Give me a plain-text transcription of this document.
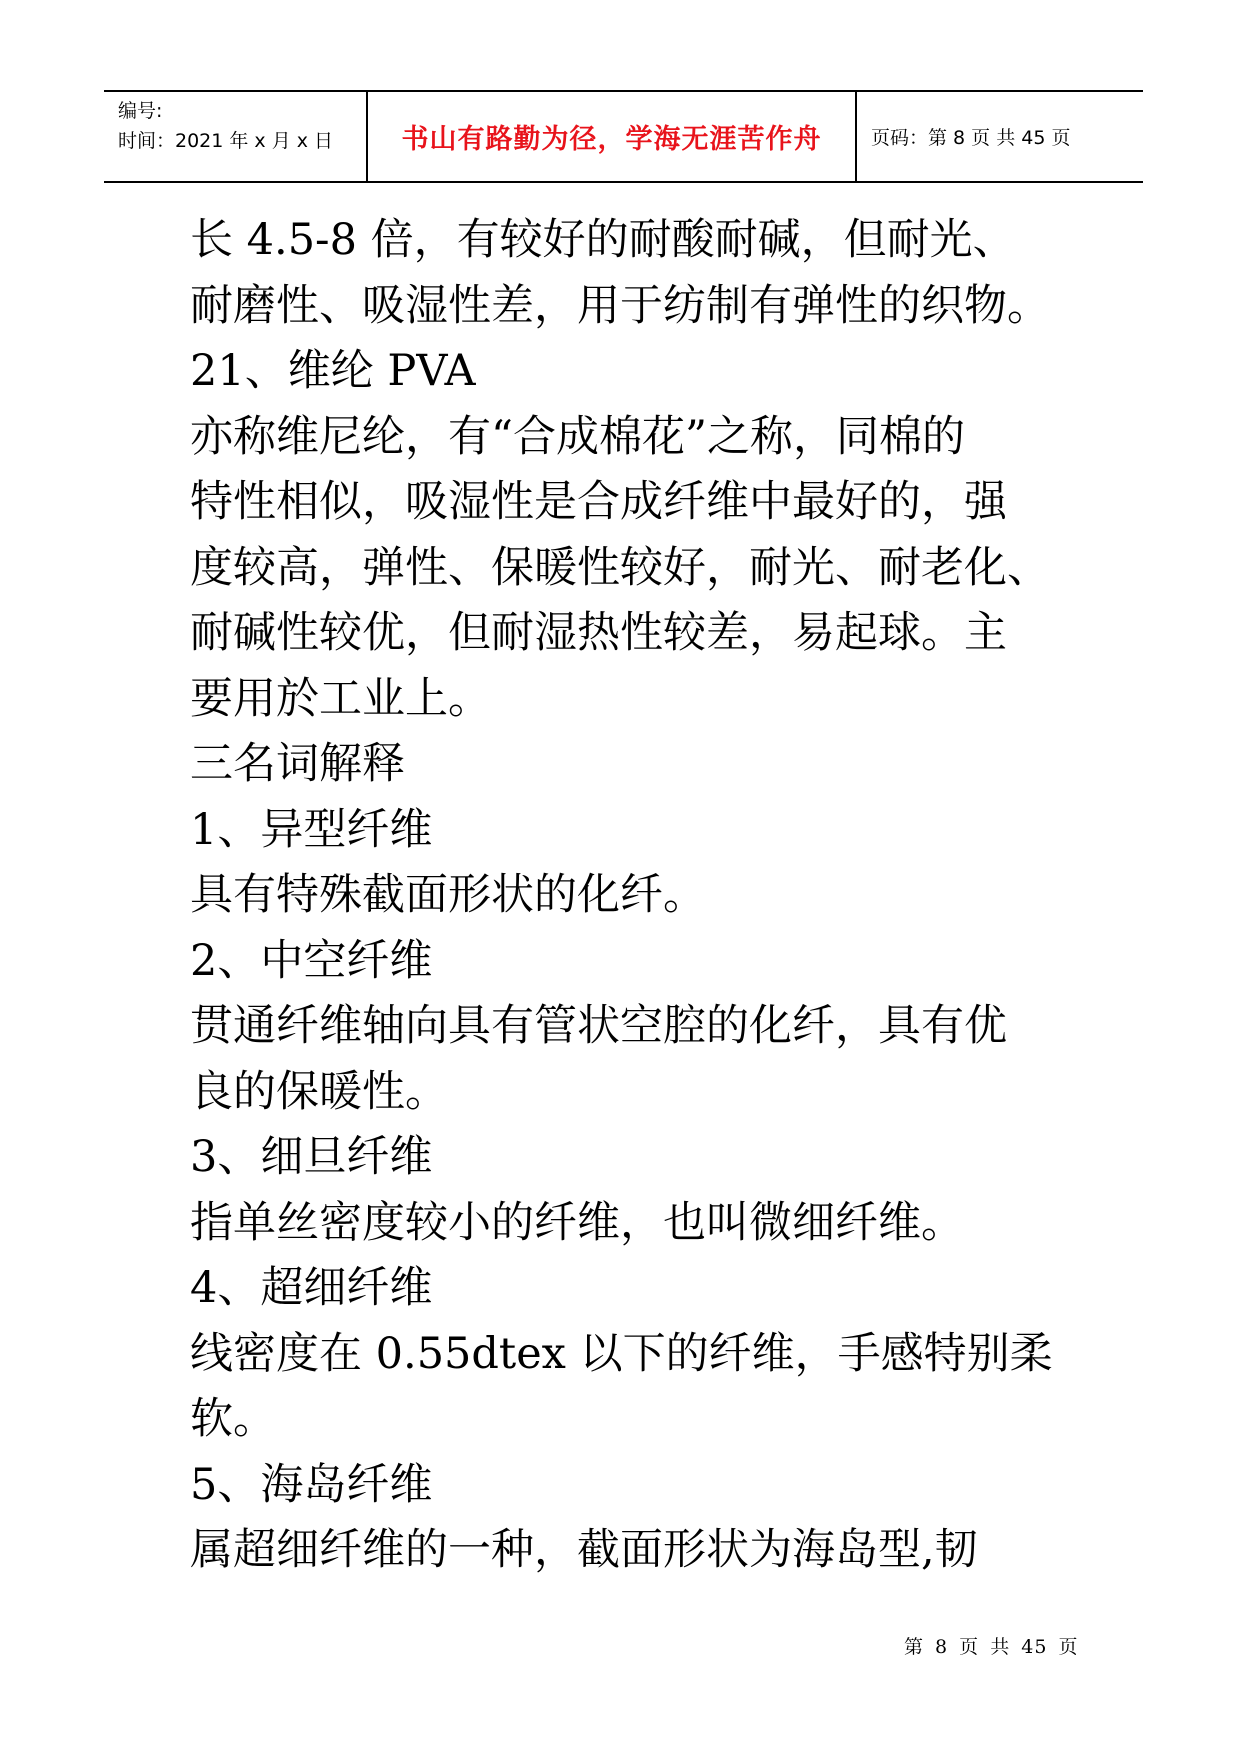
编号:
时间：2021 年 x 月 x 日	书山有路勤为径，学海无涯苦作舟	页码：第 8 页 共 45 页
长 4.5-8 倍，有较好的耐酸耐碱，但耐光、
耐磨性、吸湿性差，用于纺制有弹性的织物。
21、维纶 PVA
亦称维尼纶，有“合成棉花”之称，同棉的
特性相似，吸湿性是合成纤维中最好的，强
度较高，弹性、保暖性较好，耐光、耐老化、
耐碱性较优，但耐湿热性较差，易起球。主
要用於工业上。
三名词解释
1、异型纤维
具有特殊截面形状的化纤。
2、中空纤维
贯通纤维轴向具有管状空腔的化纤，具有优
良的保暖性。
3、细旦纤维
指单丝密度较小的纤维，也叫微细纤维。
4、超细纤维
线密度在 0.55dtex 以下的纤维，手感特别柔
软。
5、海岛纤维
属超细纤维的一种，截面形状为海岛型,韧
第 8 页 共 45 页
